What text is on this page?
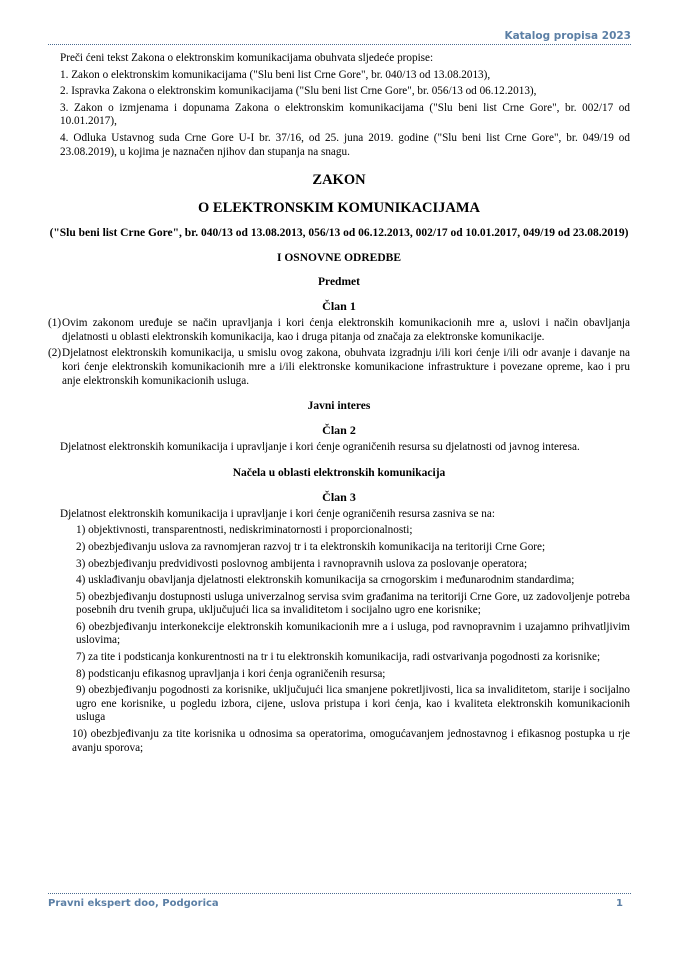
Katalog propisa 2023

Preči ćeni tekst Zakona o elektronskim komunikacijama obuhvata sljedeće propise:

1. Zakon o elektronskim komunikacijama ("Slu beni list Crne Gore", br. 040/13 od 13.08.2013),

2. Ispravka Zakona o elektronskim komunikacijama ("Slu beni list Crne Gore", br. 056/13 od 06.12.2013),

3. Zakon o izmjenama i dopunama Zakona o elektronskim komunikacijama ("Slu beni list Crne Gore", br. 002/17 od 10.01.2017),

4. Odluka Ustavnog suda Crne Gore U-I br. 37/16, od 25. juna 2019. godine ("Slu beni list Crne Gore", br. 049/19 od 23.08.2019), u kojima je naznačen njihov dan stupanja na snagu.

ZAKON
O ELEKTRONSKIM KOMUNIKACIJAMA
("Slu beni list Crne Gore", br. 040/13 od 13.08.2013, 056/13 od 06.12.2013, 002/17 od 10.01.2017, 049/19 od 23.08.2019)
I OSNOVNE ODREDBE
Predmet
Član 1

(1) Ovim zakonom uređuje se način upravljanja i kori ćenja elektronskih komunikacionih mre a, uslovi i način obavljanja djelatnosti u oblasti elektronskih komunikacija, kao i druga pitanja od značaja za elektronske komunikacije.

(2) Djelatnost elektronskih komunikacija, u smislu ovog zakona, obuhvata izgradnju i/ili kori ćenje i/ili odr avanje i davanje na kori ćenje elektronskih komunikacionih mre a i/ili elektronske komunikacione infrastrukture i povezane opreme, kao i pru anje elektronskih komunikacionih usluga.

Javni interes
Član 2

Djelatnost elektronskih komunikacija i upravljanje i kori ćenje ograničenih resursa su djelatnosti od javnog interesa.

Načela u oblasti elektronskih komunikacija
Član 3

Djelatnost elektronskih komunikacija i upravljanje i kori ćenje ograničenih resursa zasniva se na:

1) objektivnosti, transparentnosti, nediskriminatornosti i proporcionalnosti;

2) obezbjeđivanju uslova za ravnomjeran razvoj tr i ta elektronskih komunikacija na teritoriji Crne Gore;

3) obezbjeđivanju predvidivosti poslovnog ambijenta i ravnopravnih uslova za poslovanje operatora;

4) usklađivanju obavljanja djelatnosti elektronskih komunikacija sa crnogorskim i međunarodnim standardima;

5) obezbjeđivanju dostupnosti usluga univerzalnog servisa svim građanima na teritoriji Crne Gore, uz zadovoljenje potreba posebnih dru tvenih grupa, uključujući lica sa invaliditetom i socijalno ugro ene korisnike;

6) obezbjeđivanju interkonekcije elektronskih komunikacionih mre a i usluga, pod ravnopravnim i uzajamno prihvatljivim uslovima;

7) za tite i podsticanja konkurentnosti na tr i tu elektronskih komunikacija, radi ostvarivanja pogodnosti za korisnike;

8) podsticanju efikasnog upravljanja i kori ćenja ograničenih resursa;

9) obezbjeđivanju pogodnosti za korisnike, uključujući lica smanjene pokretljivosti, lica sa invaliditetom, starije i socijalno ugro ene korisnike, u pogledu izbora, cijene, uslova pristupa i kori ćenja, kao i kvaliteta elektronskih komunikacionih usluga

10) obezbjeđivanju za tite korisnika u odnosima sa operatorima, omogućavanjem jednostavnog i efikasnog postupka u rje avanju sporova;

Pravni ekspert doo, Podgorica	1
